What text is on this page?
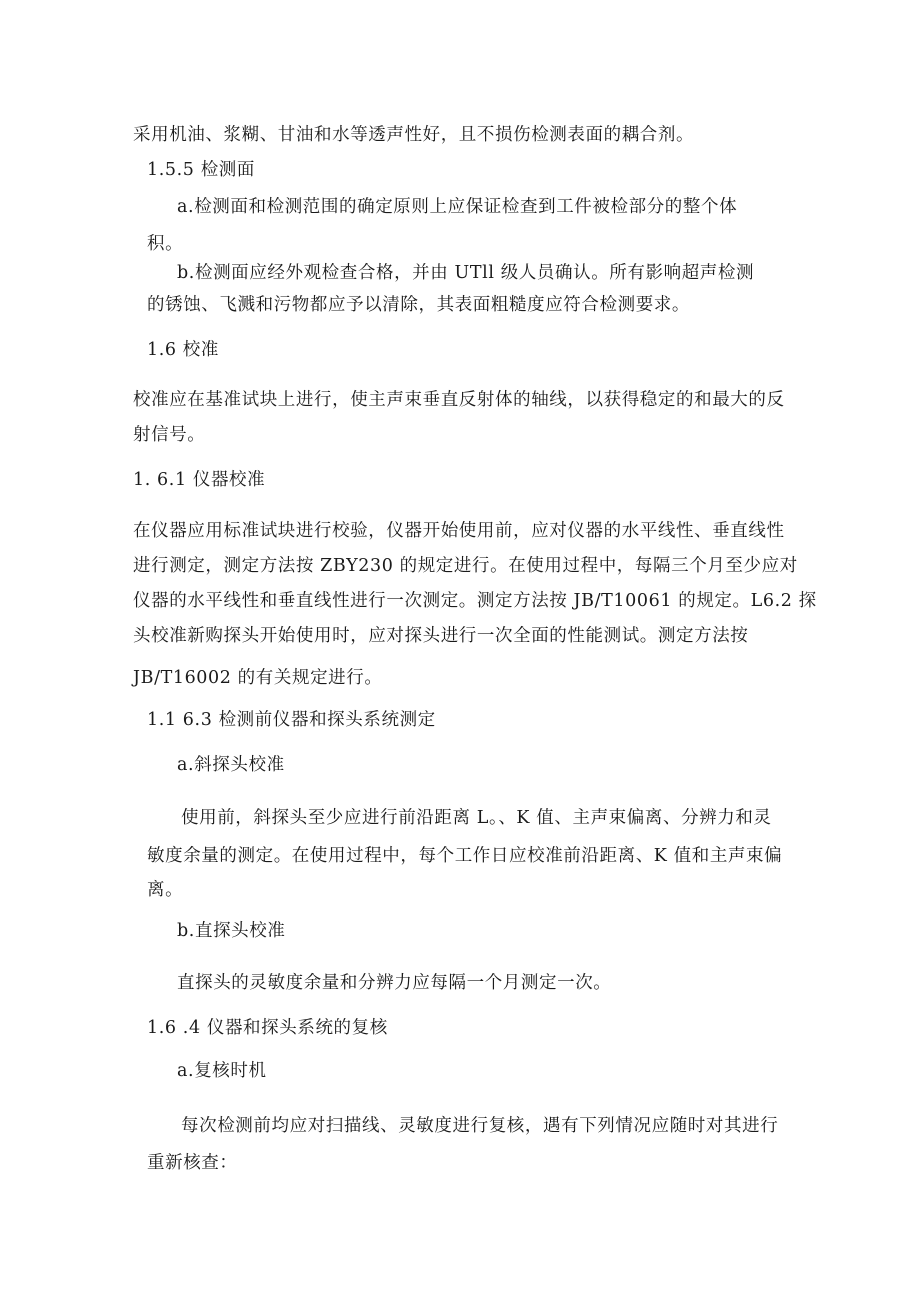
采用机油、浆糊、甘油和水等透声性好，且不损伤检测表面的耦合剂。
1.5.5 检测面
a.检测面和检测范围的确定原则上应保证检查到工件被检部分的整个体
积。
b.检测面应经外观检查合格，并由 UTll 级人员确认。所有影响超声检测
的锈蚀、飞溅和污物都应予以清除，其表面粗糙度应符合检测要求。
1.6 校准
校准应在基准试块上进行，使主声束垂直反射体的轴线，以获得稳定的和最大的反
射信号。
1. 6.1 仪器校准
在仪器应用标准试块进行校验，仪器开始使用前，应对仪器的水平线性、垂直线性
进行测定，测定方法按 ZBY230 的规定进行。在使用过程中，每隔三个月至少应对
仪器的水平线性和垂直线性进行一次测定。测定方法按 JB/T10061 的规定。L6.2 探
头校准新购探头开始使用时，应对探头进行一次全面的性能测试。测定方法按
JB/T16002 的有关规定进行。
1.1 6.3 检测前仪器和探头系统测定
a.斜探头校准
使用前，斜探头至少应进行前沿距离 L。、K 值、主声束偏离、分辨力和灵
敏度余量的测定。在使用过程中，每个工作日应校准前沿距离、K 值和主声束偏
离。
b.直探头校准
直探头的灵敏度余量和分辨力应每隔一个月测定一次。
1.6 .4 仪器和探头系统的复核
a.复核时机
每次检测前均应对扫描线、灵敏度进行复核，遇有下列情况应随时对其进行
重新核查：
